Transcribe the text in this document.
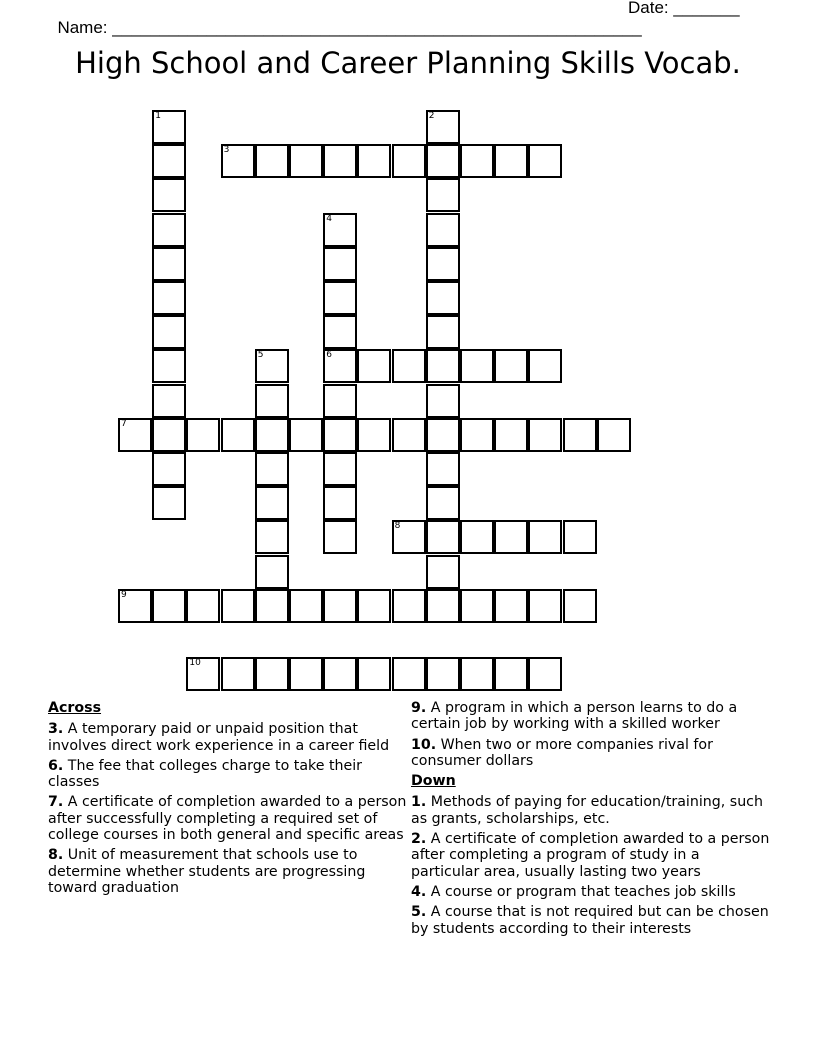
Name: ________________________________________________________

Date: _______

High School and Career Planning Skills Vocab.
1	2
3
4
6
5
7
8
9
10
Across
3. A temporary paid or unpaid position that involves direct work experience in a career field
6. The fee that colleges charge to take their classes
7. A certificate of completion awarded to a person after successfully completing a required set of college courses in both general and specific areas
8. Unit of measurement that schools use to determine whether students are progressing toward graduation
9. A program in which a person learns to do a certain job by working with a skilled worker
10. When two or more companies rival for consumer dollars
Down
1. Methods of paying for education/training, such as grants, scholarships, etc.
2. A certificate of completion awarded to a person after completing a program of study in a particular area, usually lasting two years
4. A course or program that teaches job skills
5. A course that is not required but can be chosen by students according to their interests
